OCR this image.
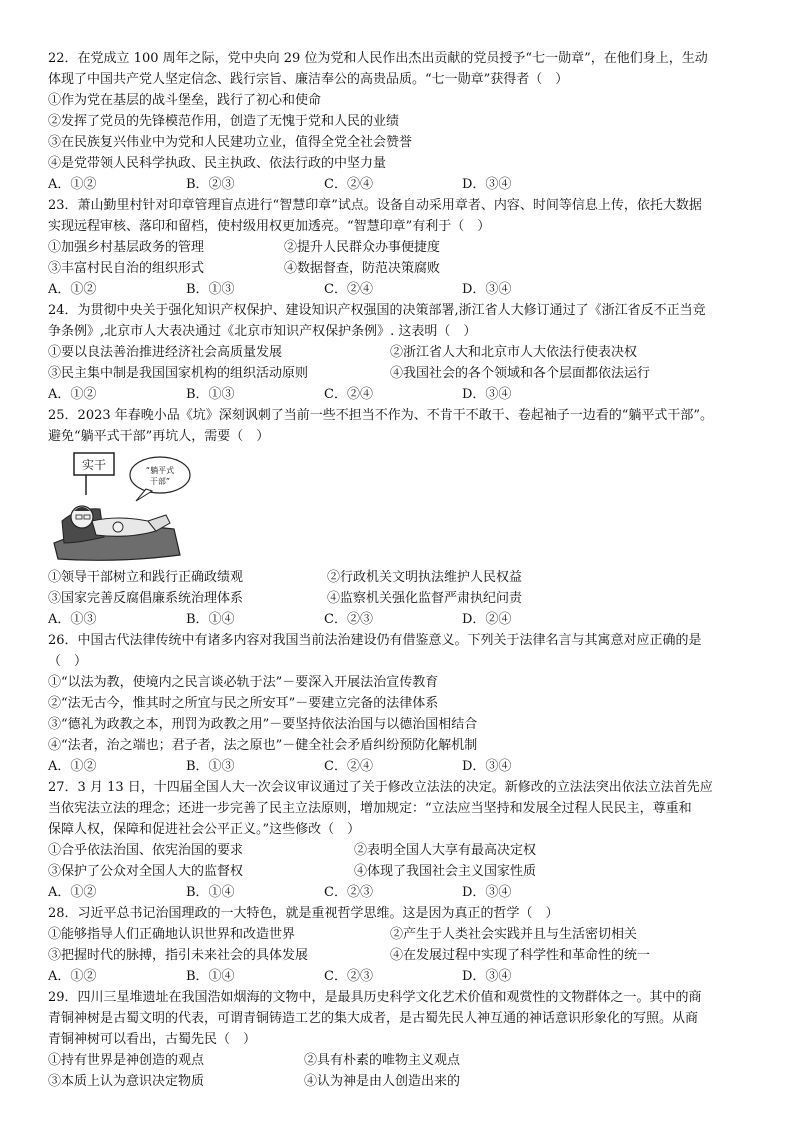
22．在党成立 100 周年之际，党中央向 29 位为党和人民作出杰出贡献的党员授予“七一勋章”，在他们身上，生动
体现了中国共产党人坚定信念、践行宗旨、廉洁奉公的高贵品质。“七一勋章”获得者（　）
①作为党在基层的战斗堡垒，践行了初心和使命
②发挥了党员的先锋模范作用，创造了无愧于党和人民的业绩
③在民族复兴伟业中为党和人民建功立业，值得全党全社会赞誉
④是党带领人民科学执政、民主执政、依法行政的中坚力量
A．①②	B．②③	C．②④	D．③④
23．萧山勤里村针对印章管理盲点进行“智慧印章”试点。设备自动采用章者、内容、时间等信息上传，依托大数据
实现远程审核、落印和留档，使村级用权更加透亮。“智慧印章”有利于（　）
①加强乡村基层政务的管理	②提升人民群众办事便捷度
③丰富村民自治的组织形式	④数据督查，防范决策腐败
A．①②	B．①③	C．②④	D．③④
24．为贯彻中央关于强化知识产权保护、建设知识产权强国的决策部署,浙江省人大修订通过了《浙江省反不正当竞
争条例》,北京市人大表决通过《北京市知识产权保护条例》. 这表明（　）
①要以良法善治推进经济社会高质量发展	②浙江省人大和北京市人大依法行使表决权
③民主集中制是我国国家机构的组织活动原则	④我国社会的各个领域和各个层面都依法运行
A．①②	B．①③	C．②④	D．③④
25．2023 年春晚小品《坑》深刻讽刺了当前一些不担当不作为、不肯干不敢干、卷起袖子一边看的“躺平式干部”。
避免“躺平式干部”再坑人，需要（　）
实干	“躺平式
干部”
①领导干部树立和践行正确政绩观	②行政机关文明执法维护人民权益
③国家完善反腐倡廉系统治理体系	④监察机关强化监督严肃执纪问责
A．①③	B．①④	C．②③	D．②④
26．中国古代法律传统中有诸多内容对我国当前法治建设仍有借鉴意义。下列关于法律名言与其寓意对应正确的是
（　）
①“以法为教，使境内之民言谈必轨于法”－要深入开展法治宣传教育
②“法无古今，惟其时之所宜与民之所安耳”－要建立完备的法律体系
③“德礼为政教之本，刑罚为政教之用”－要坚持依法治国与以德治国相结合
④“法者，治之端也；君子者，法之原也”－健全社会矛盾纠纷预防化解机制
A．①②	B．①③	C．②④	D．③④
27．3 月 13 日，十四届全国人大一次会议审议通过了关于修改立法法的决定。新修改的立法法突出依法立法首先应
当依宪法立法的理念；还进一步完善了民主立法原则，增加规定：“立法应当坚持和发展全过程人民民主，尊重和
保障人权，保障和促进社会公平正义。”这些修改（　）
①合乎依法治国、依宪治国的要求	②表明全国人大享有最高决定权
③保护了公众对全国人大的监督权	④体现了我国社会主义国家性质
A．①②	B．①④	C．②③	D．③④
28．习近平总书记治国理政的一大特色，就是重视哲学思维。这是因为真正的哲学（　）
①能够指导人们正确地认识世界和改造世界	②产生于人类社会实践并且与生活密切相关
③把握时代的脉搏，指引未来社会的具体发展	④在发展过程中实现了科学性和革命性的统一
A．①②	B．①④	C．②③	D．③④
29．四川三星堆遗址在我国浩如烟海的文物中，是最具历史科学文化艺术价值和观赏性的文物群体之一。其中的商
青铜神树是古蜀文明的代表，可谓青铜铸造工艺的集大成者，是古蜀先民人神互通的神话意识形象化的写照。从商
青铜神树可以看出，古蜀先民（　）
①持有世界是神创造的观点	②具有朴素的唯物主义观点
③本质上认为意识决定物质	④认为神是由人创造出来的
